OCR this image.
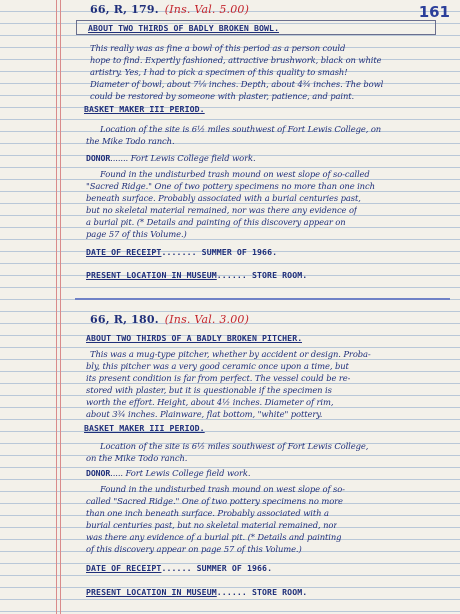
161
66, R, 179. (Ins. Val. 5.00)
ABOUT TWO THIRDS OF BADLY BROKEN BOWL.
This really was as fine a bowl of this period as a person could
hope to find. Expertly fashioned, attractive brushwork, black on white
artistry. Yes, I had to pick a specimen of this quality to smash!
Diameter of bowl, about 7⅛ inches. Depth, about 4¾ inches. The bowl
could be restored by someone with plaster, patience, and paint.
BASKET MAKER III PERIOD.
Location of the site is 6½ miles southwest of Fort Lewis College, on
the Mike Todo ranch.
DONOR....... Fort Lewis College field work.
Found in the undisturbed trash mound on west slope of so-called
"Sacred Ridge." One of two pottery specimens no more than one inch
beneath surface. Probably associated with a burial centuries past,
but no skeletal material remained, nor was there any evidence of
a burial pit. (* Details and painting of this discovery appear on
page 57 of this Volume.)
DATE OF RECEIPT....... SUMMER OF 1966.
PRESENT LOCATION IN MUSEUM...... STORE ROOM.
66, R, 180. (Ins. Val. 3.00)
ABOUT TWO THIRDS OF A BADLY BROKEN PITCHER.
This was a mug-type pitcher, whether by accident or design. Proba-
bly, this pitcher was a very good ceramic once upon a time, but
its present condition is far from perfect. The vessel could be re-
stored with plaster, but it is questionable if the specimen is
worth the effort. Height, about 4½ inches. Diameter of rim,
about 3¾ inches. Plainware, flat bottom, "white" pottery.
BASKET MAKER III PERIOD.
Location of the site is 6½ miles southwest of Fort Lewis College,
on the Mike Todo ranch.
DONOR..... Fort Lewis College field work.
Found in the undisturbed trash mound on west slope of so-
called "Sacred Ridge." One of two pottery specimens no more
than one inch beneath surface. Probably associated with a
burial centuries past, but no skeletal material remained, nor
was there any evidence of a burial pit. (* Details and painting
of this discovery appear on page 57 of this Volume.)
DATE OF RECEIPT...... SUMMER OF 1966.
PRESENT LOCATION IN MUSEUM...... STORE ROOM.
